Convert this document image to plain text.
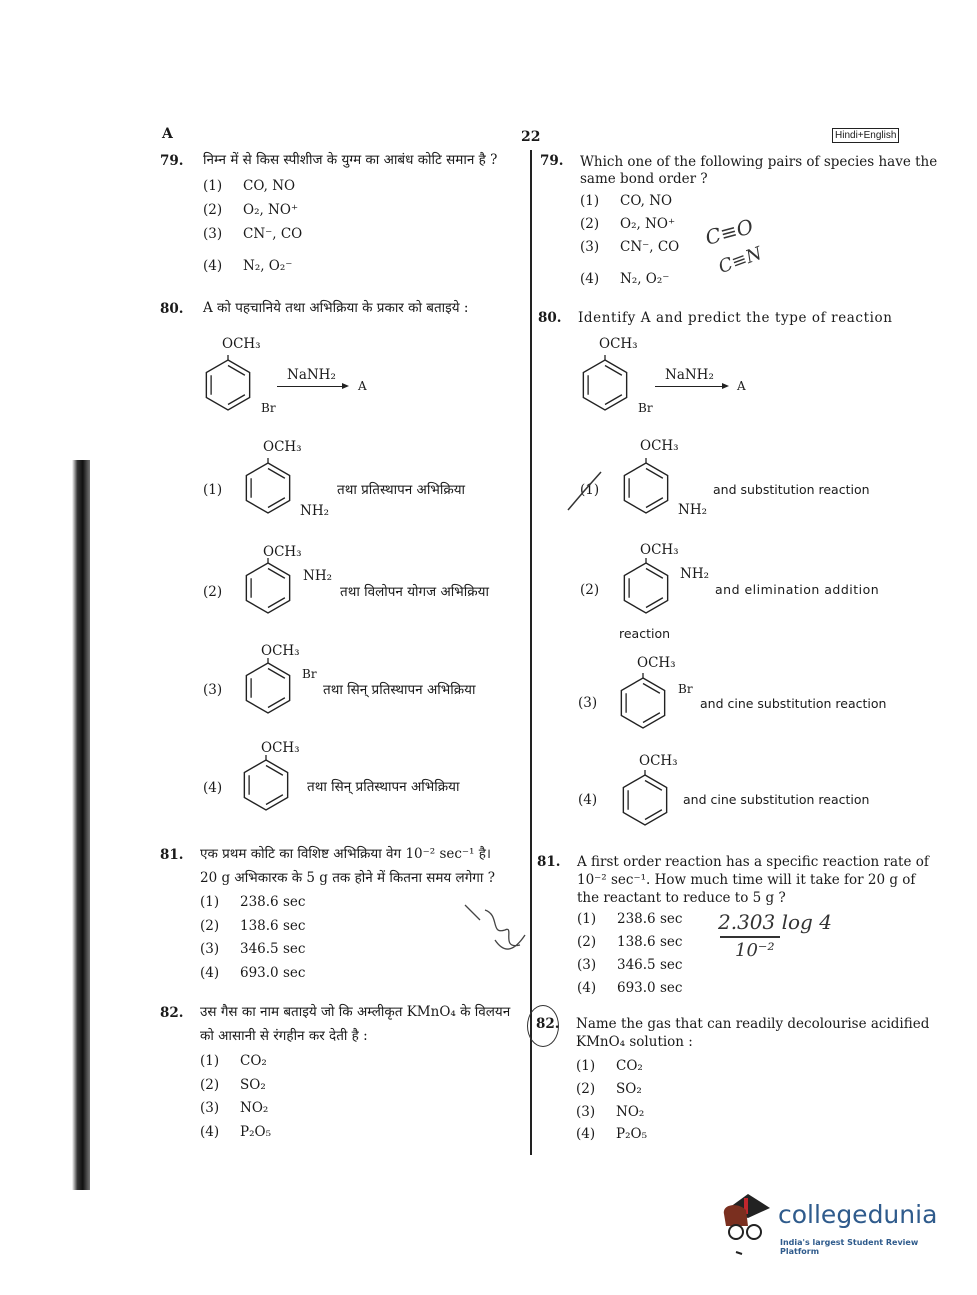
A	22	Hindi+English
79. निम्न में से किस स्पीशीज के युग्म का आबंध कोटि समान है ?
80. A को पहचानिये तथा अभिक्रिया के प्रकार को बताइये :
OCH₃
Br
NaNH₂
A
(1)
OCH₃
NH₂
तथा प्रतिस्थापन अभिक्रिया
(2)
OCH₃
NH₂
तथा विलोपन योगज अभिक्रिया
(3)
OCH₃
Br
तथा सिन् प्रतिस्थापन अभिक्रिया
(4)
OCH₃
तथा सिन् प्रतिस्थापन अभिक्रिया
81. एक प्रथम कोटि का विशिष्ट अभिक्रिया वेग 10⁻² sec⁻¹ है।
20 g अभिकारक के 5 g तक होने में कितना समय लगेगा ?
82. उस गैस का नाम बताइये जो कि अम्लीकृत KMnO₄ के विलयन
को आसानी से रंगहीन कर देती है :
79. Which one of the following pairs of species have the
same bond order ?
80. Identify A and predict the type of reaction
OCH₃
Br
NaNH₂
A
(1)
OCH₃
NH₂
and substitution reaction
(2)
OCH₃
NH₂
and elimination addition
reaction
(3)
OCH₃
Br
and cine substitution reaction
(4)
OCH₃
and cine substitution reaction
81. A first order reaction has a specific reaction rate of
10⁻² sec⁻¹. How much time will it take for 20 g of
the reactant to reduce to 5 g ?
82. Name the gas that can readily decolourise acidified
KMnO₄ solution :
C≡O
C≡N
2.303 log 4
10⁻²
collegedunia
India's largest Student Review Platform
(1) CO, NO
(2) O₂, NO⁺
(3) CN⁻, CO
(4) N₂, O₂⁻
(1) 238.6 sec
(2) 138.6 sec
(3) 346.5 sec
(4) 693.0 sec
(1) CO₂
(2) SO₂
(3) NO₂
(4) P₂O₅
(1) CO, NO
(2) O₂, NO⁺
(3) CN⁻, CO
(4) N₂, O₂⁻
(1) 238.6 sec
(2) 138.6 sec
(3) 346.5 sec
(4) 693.0 sec
(1) CO₂
(2) SO₂
(3) NO₂
(4) P₂O₅
